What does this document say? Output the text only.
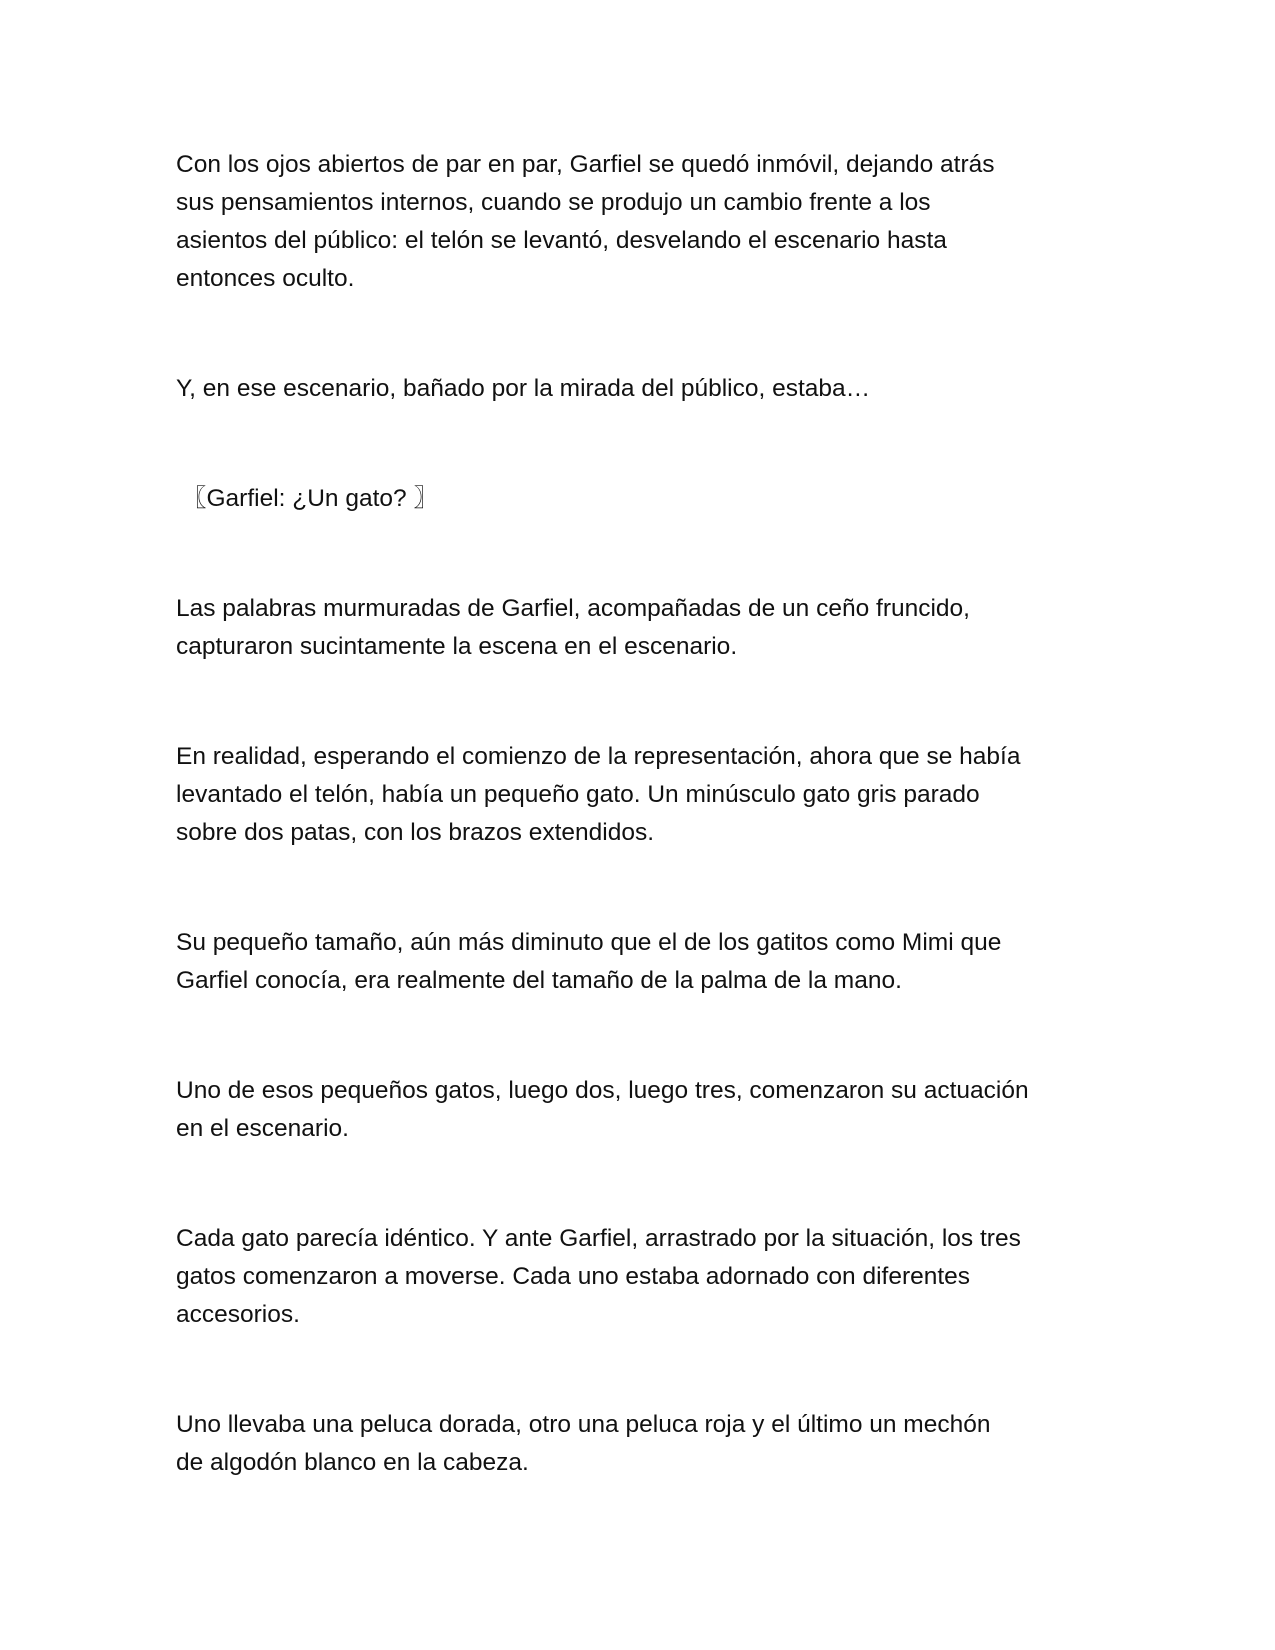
Con los ojos abiertos de par en par, Garfiel se quedó inmóvil, dejando atrás
sus pensamientos internos, cuando se produjo un cambio frente a los
asientos del público: el telón se levantó, desvelando el escenario hasta
entonces oculto.

Y, en ese escenario, bañado por la mirada del público, estaba…

〖Garfiel: ¿Un gato? 〗

Las palabras murmuradas de Garfiel, acompañadas de un ceño fruncido,
capturaron sucintamente la escena en el escenario.

En realidad, esperando el comienzo de la representación, ahora que se había
levantado el telón, había un pequeño gato. Un minúsculo gato gris parado
sobre dos patas, con los brazos extendidos.

Su pequeño tamaño, aún más diminuto que el de los gatitos como Mimi que
Garfiel conocía, era realmente del tamaño de la palma de la mano.

Uno de esos pequeños gatos, luego dos, luego tres, comenzaron su actuación
en el escenario.

Cada gato parecía idéntico. Y ante Garfiel, arrastrado por la situación, los tres
gatos comenzaron a moverse. Cada uno estaba adornado con diferentes
accesorios.

Uno llevaba una peluca dorada, otro una peluca roja y el último un mechón
de algodón blanco en la cabeza.
